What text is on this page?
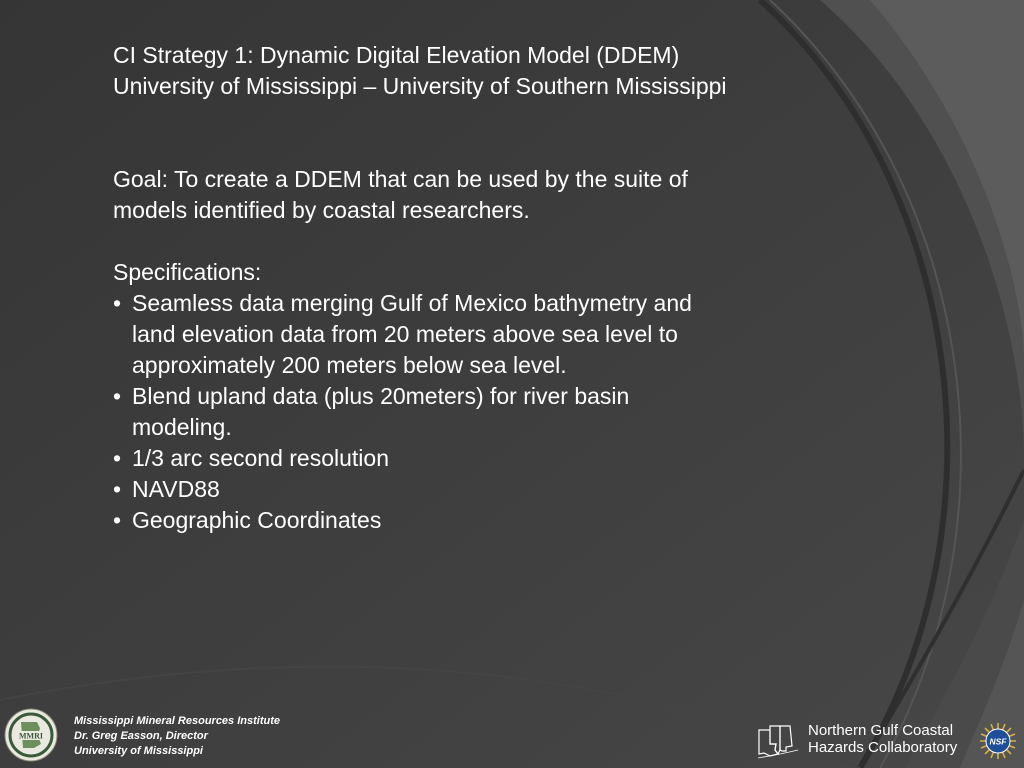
CI Strategy 1: Dynamic Digital Elevation Model (DDEM)

University of Mississippi – University of Southern Mississippi

Goal: To create a DDEM that can be used by the suite of

models identified by coastal researchers.

Specifications:

• Seamless data merging Gulf of Mexico bathymetry and
land elevation data from 20 meters above sea level to
approximately 200 meters below sea level.
• Blend upland data (plus 20meters) for river basin
modeling.
• 1/3 arc second resolution
• NAVD88
• Geographic Coordinates
MMRI
Mississippi Mineral Resources Institute
Dr. Greg Easson, Director
University of Mississippi
Northern Gulf Coastal
Hazards Collaboratory	NSF
